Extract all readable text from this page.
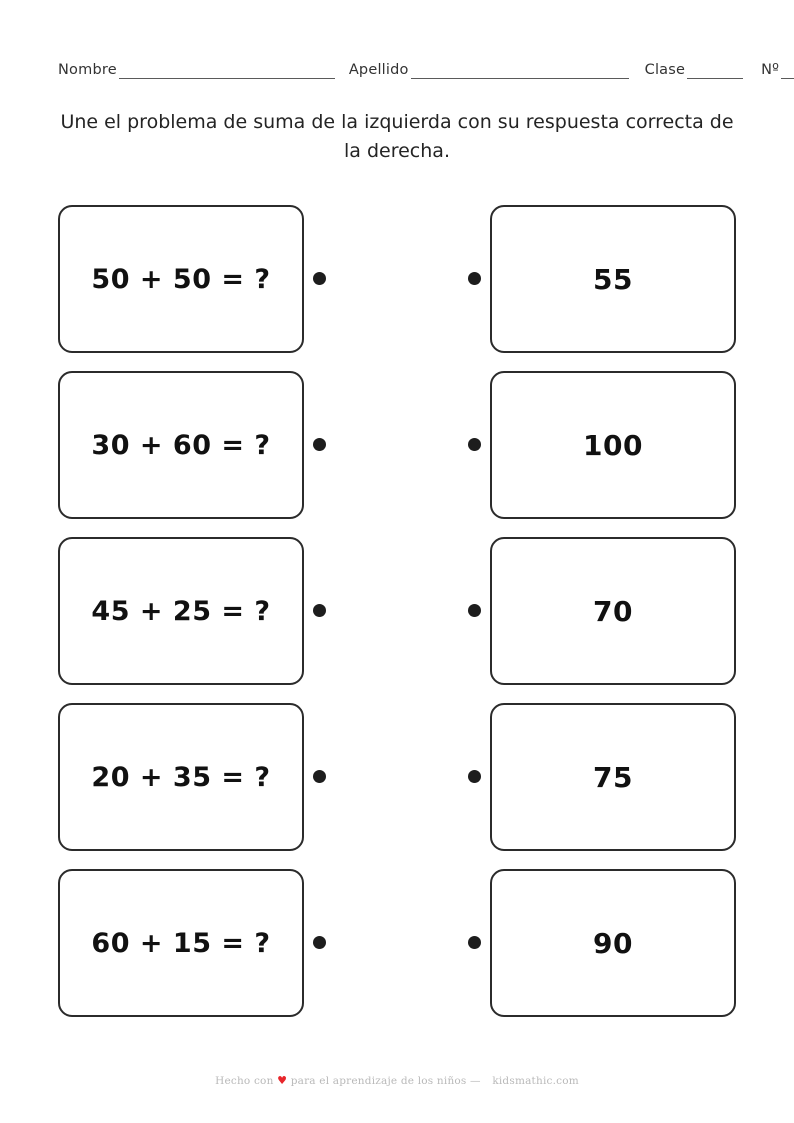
Nombre	Apellido	Clase	Nº
Une el problema de suma de la izquierda con su respuesta correcta de la derecha.
50 + 50 = ?	55
30 + 60 = ?	100
45 + 25 = ?	70
20 + 35 = ?	75
60 + 15 = ?	90
Hecho con ♥ para el aprendizaje de los niños — kidsmathic.com
